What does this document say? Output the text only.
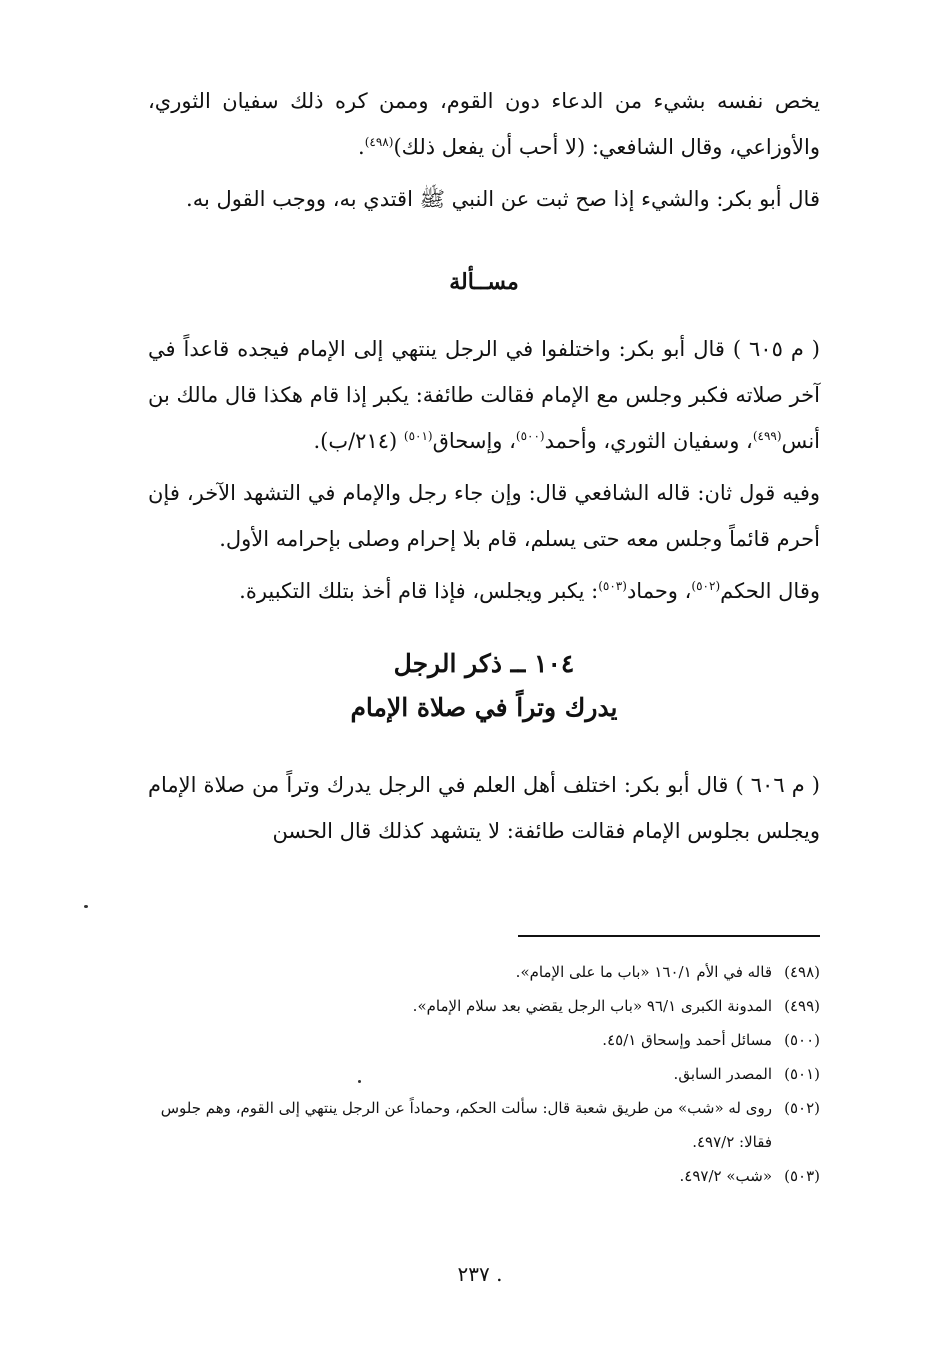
يخص نفسه بشيء من الدعاء دون القوم، وممن كره ذلك سفيان الثوري، والأوزاعي، وقال الشافعي: (لا أحب أن يفعل ذلك)$^{(٤٩٨)}$.

قال أبو بكر: والشيء إذا صح ثبت عن النبي ﷺ اقتدي به، ووجب القول به.

مســألة

( م ٦٠٥ ) قال أبو بكر: واختلفوا في الرجل ينتهي إلى الإمام فيجده قاعداً في آخر صلاته فكبر وجلس مع الإمام فقالت طائفة: يكبر إذا قام هكذا قال مالك بن أنس$^{(٤٩٩)}$، وسفيان الثوري، وأحمد$^{(٥٠٠)}$، وإسحاق$^{(٥٠١)}$ (٢١٤/ب).

وفيه قول ثان: قاله الشافعي قال: وإن جاء رجل والإمام في التشهد الآخر، فإن أحرم قائماً وجلس معه حتى يسلم، قام بلا إحرام وصلى بإحرامه الأول.

وقال الحكم$^{(٥٠٢)}$، وحماد$^{(٥٠٣)}$: يكبر ويجلس، فإذا قام أخذ بتلك التكبيرة.

١٠٤ ــ ذكر الرجل
يدرك وتراً في صلاة الإمام

( م ٦٠٦ ) قال أبو بكر: اختلف أهل العلم في الرجل يدرك وتراً من صلاة الإمام ويجلس بجلوس الإمام فقالت طائفة: لا يتشهد كذلك قال الحسن

(٤٩٨)
قاله في الأم ١٦٠/١ «باب ما على الإمام».
(٤٩٩)
المدونة الكبرى ٩٦/١ «باب الرجل يقضي بعد سلام الإمام».
(٥٠٠)
مسائل أحمد وإسحاق ٤٥/١.
(٥٠١)
المصدر السابق.
(٥٠٢)
روى له «شب» من طريق شعبة قال: سألت الحكم، وحماداً عن الرجل ينتهي إلى القوم، وهم جلوس فقالا: ٤٩٧/٢.
(٥٠٣)
«شب» ٤٩٧/٢.
. ٢٣٧
